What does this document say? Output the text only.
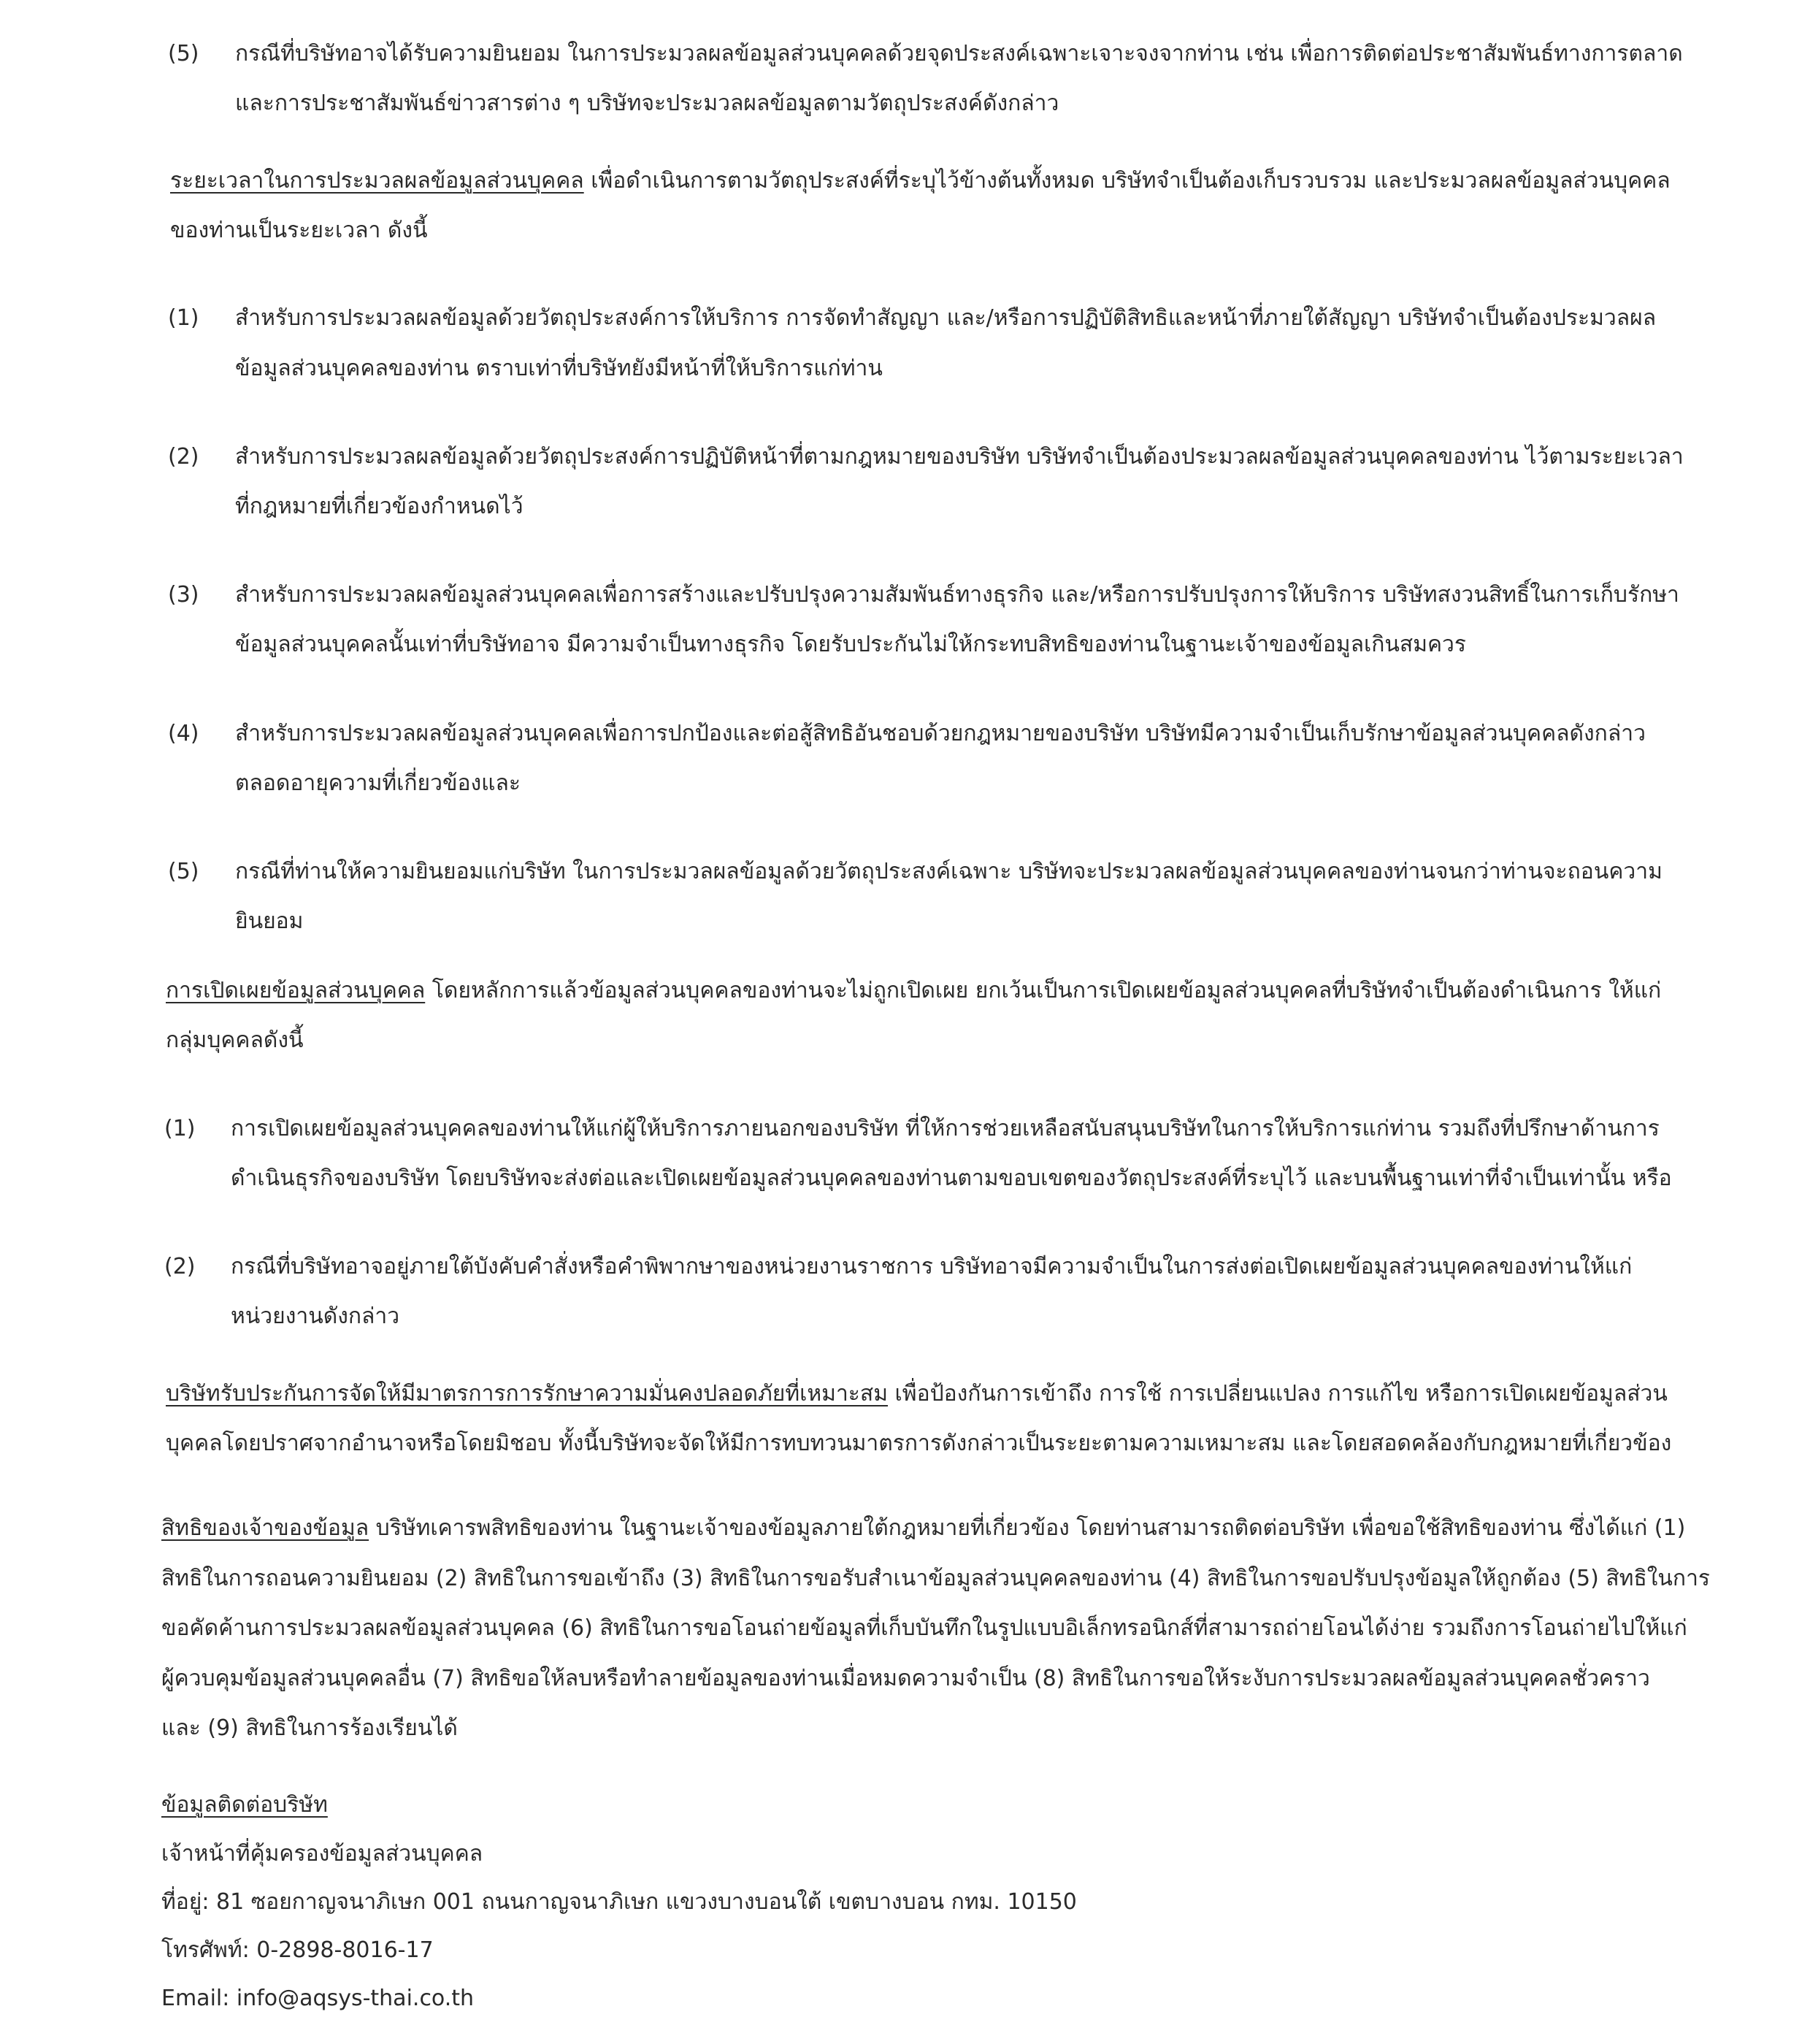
(5) กรณีที่บริษัทอาจได้รับความยินยอม ในการประมวลผลข้อมูลส่วนบุคคลด้วยจุดประสงค์เฉพาะเจาะจงจากท่าน เช่น เพื่อการติดต่อประชาสัมพันธ์ทางการตลาด
และการประชาสัมพันธ์ข่าวสารต่าง ๆ บริษัทจะประมวลผลข้อมูลตามวัตถุประสงค์ดังกล่าว
ระยะเวลาในการประมวลผลข้อมูลส่วนบุคคล เพื่อดำเนินการตามวัตถุประสงค์ที่ระบุไว้ข้างต้นทั้งหมด บริษัทจำเป็นต้องเก็บรวบรวม และประมวลผลข้อมูลส่วนบุคคล
ของท่านเป็นระยะเวลา ดังนี้
(1) สำหรับการประมวลผลข้อมูลด้วยวัตถุประสงค์การให้บริการ การจัดทำสัญญา และ/หรือการปฏิบัติสิทธิและหน้าที่ภายใต้สัญญา บริษัทจำเป็นต้องประมวลผล
ข้อมูลส่วนบุคคลของท่าน ตราบเท่าที่บริษัทยังมีหน้าที่ให้บริการแก่ท่าน
(2) สำหรับการประมวลผลข้อมูลด้วยวัตถุประสงค์การปฏิบัติหน้าที่ตามกฎหมายของบริษัท บริษัทจำเป็นต้องประมวลผลข้อมูลส่วนบุคคลของท่าน ไว้ตามระยะเวลา
ที่กฎหมายที่เกี่ยวข้องกำหนดไว้
(3) สำหรับการประมวลผลข้อมูลส่วนบุคคลเพื่อการสร้างและปรับปรุงความสัมพันธ์ทางธุรกิจ และ/หรือการปรับปรุงการให้บริการ บริษัทสงวนสิทธิ์ในการเก็บรักษา
ข้อมูลส่วนบุคคลนั้นเท่าที่บริษัทอาจ มีความจำเป็นทางธุรกิจ โดยรับประกันไม่ให้กระทบสิทธิของท่านในฐานะเจ้าของข้อมูลเกินสมควร
(4) สำหรับการประมวลผลข้อมูลส่วนบุคคลเพื่อการปกป้องและต่อสู้สิทธิอันชอบด้วยกฎหมายของบริษัท บริษัทมีความจำเป็นเก็บรักษาข้อมูลส่วนบุคคลดังกล่าว
ตลอดอายุความที่เกี่ยวข้องและ
(5) กรณีที่ท่านให้ความยินยอมแก่บริษัท ในการประมวลผลข้อมูลด้วยวัตถุประสงค์เฉพาะ บริษัทจะประมวลผลข้อมูลส่วนบุคคลของท่านจนกว่าท่านจะถอนความ
ยินยอม
การเปิดเผยข้อมูลส่วนบุคคล โดยหลักการแล้วข้อมูลส่วนบุคคลของท่านจะไม่ถูกเปิดเผย ยกเว้นเป็นการเปิดเผยข้อมูลส่วนบุคคลที่บริษัทจำเป็นต้องดำเนินการ ให้แก่
กลุ่มบุคคลดังนี้
(1) การเปิดเผยข้อมูลส่วนบุคคลของท่านให้แก่ผู้ให้บริการภายนอกของบริษัท ที่ให้การช่วยเหลือสนับสนุนบริษัทในการให้บริการแก่ท่าน รวมถึงที่ปรึกษาด้านการ
ดำเนินธุรกิจของบริษัท โดยบริษัทจะส่งต่อและเปิดเผยข้อมูลส่วนบุคคลของท่านตามขอบเขตของวัตถุประสงค์ที่ระบุไว้ และบนพื้นฐานเท่าที่จำเป็นเท่านั้น หรือ
(2) กรณีที่บริษัทอาจอยู่ภายใต้บังคับคำสั่งหรือคำพิพากษาของหน่วยงานราชการ บริษัทอาจมีความจำเป็นในการส่งต่อเปิดเผยข้อมูลส่วนบุคคลของท่านให้แก่
หน่วยงานดังกล่าว
บริษัทรับประกันการจัดให้มีมาตรการการรักษาความมั่นคงปลอดภัยที่เหมาะสม เพื่อป้องกันการเข้าถึง การใช้ การเปลี่ยนแปลง การแก้ไข หรือการเปิดเผยข้อมูลส่วน
บุคคลโดยปราศจากอำนาจหรือโดยมิชอบ ทั้งนี้บริษัทจะจัดให้มีการทบทวนมาตรการดังกล่าวเป็นระยะตามความเหมาะสม และโดยสอดคล้องกับกฎหมายที่เกี่ยวข้อง
สิทธิของเจ้าของข้อมูล บริษัทเคารพสิทธิของท่าน ในฐานะเจ้าของข้อมูลภายใต้กฎหมายที่เกี่ยวข้อง โดยท่านสามารถติดต่อบริษัท เพื่อขอใช้สิทธิของท่าน ซึ่งได้แก่ (1)
สิทธิในการถอนความยินยอม (2) สิทธิในการขอเข้าถึง (3) สิทธิในการขอรับสำเนาข้อมูลส่วนบุคคลของท่าน (4) สิทธิในการขอปรับปรุงข้อมูลให้ถูกต้อง (5) สิทธิในการ
ขอคัดค้านการประมวลผลข้อมูลส่วนบุคคล (6) สิทธิในการขอโอนถ่ายข้อมูลที่เก็บบันทึกในรูปแบบอิเล็กทรอนิกส์ที่สามารถถ่ายโอนได้ง่าย รวมถึงการโอนถ่ายไปให้แก่
ผู้ควบคุมข้อมูลส่วนบุคคลอื่น (7) สิทธิขอให้ลบหรือทำลายข้อมูลของท่านเมื่อหมดความจำเป็น (8) สิทธิในการขอให้ระงับการประมวลผลข้อมูลส่วนบุคคลชั่วคราว
และ (9) สิทธิในการร้องเรียนได้
ข้อมูลติดต่อบริษัท
เจ้าหน้าที่คุ้มครองข้อมูลส่วนบุคคล
ที่อยู่: 81 ซอยกาญจนาภิเษก 001 ถนนกาญจนาภิเษก แขวงบางบอนใต้ เขตบางบอน กทม. 10150
โทรศัพท์: 0-2898-8016-17
Email: info@aqsys-thai.co.th
